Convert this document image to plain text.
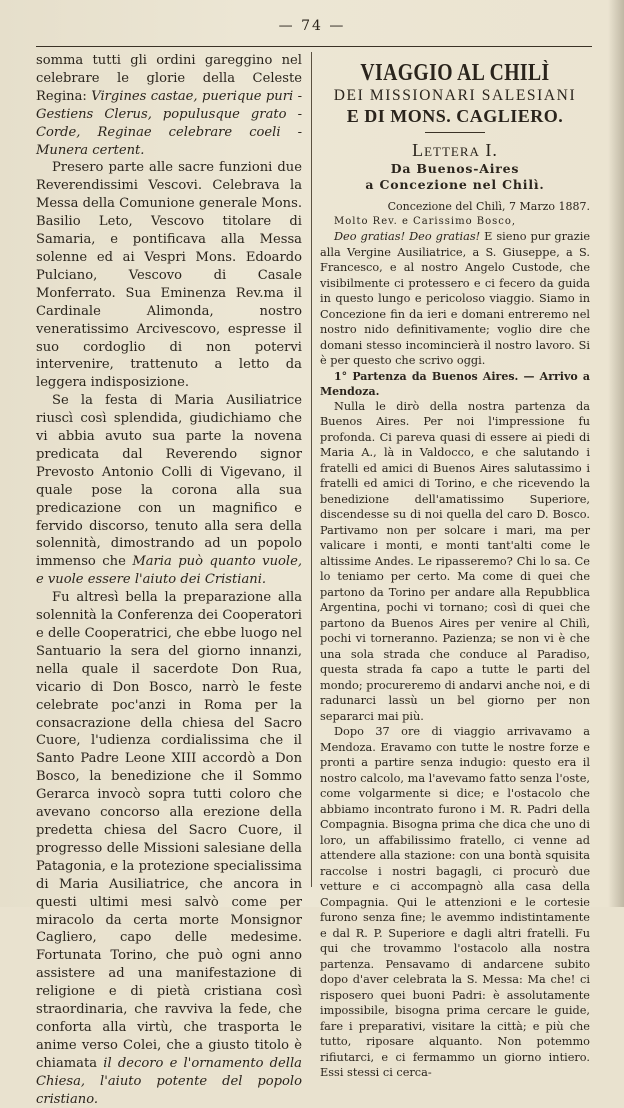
— 74 —

somma tutti gli ordini gareggino nel celebrare le glorie della Celeste Regina: Virgines castae, puerique puri - Gestiens Clerus, populusque grato - Corde, Reginae celebrare coeli - Munera certent.

Presero parte alle sacre funzioni due Reverendissimi Vescovi. Celebrava la Messa della Comunione generale Mons. Basilio Leto, Vescovo titolare di Samaria, e pontificava alla Messa solenne ed ai Vespri Mons. Edoardo Pulciano, Vescovo di Casale Monferrato. Sua Eminenza Rev.ma il Cardinale Alimonda, nostro veneratissimo Arcivescovo, espresse il suo cordoglio di non potervi intervenire, trattenuto a letto da leggera indisposizione.

Se la festa di Maria Ausiliatrice riuscì così splendida, giudichiamo che vi abbia avuto sua parte la novena predicata dal Reverendo signor Prevosto Antonio Colli di Vigevano, il quale pose la corona alla sua predicazione con un magnifico e fervido discorso, tenuto alla sera della solennità, dimostrando ad un popolo immenso che Maria può quanto vuole, e vuole essere l'aiuto dei Cristiani.

Fu altresì bella la preparazione alla solennità la Conferenza dei Cooperatori e delle Cooperatrici, che ebbe luogo nel Santuario la sera del giorno innanzi, nella quale il sacerdote Don Rua, vicario di Don Bosco, narrò le feste celebrate poc'anzi in Roma per la consacrazione della chiesa del Sacro Cuore, l'udienza cordialissima che il Santo Padre Leone XIII accordò a Don Bosco, la benedizione che il Sommo Gerarca invocò sopra tutti coloro che avevano concorso alla erezione della predetta chiesa del Sacro Cuore, il progresso delle Missioni salesiane della Patagonia, e la protezione specialissima di Maria Ausiliatrice, che ancora in questi ultimi mesi salvò come per miracolo da certa morte Monsignor Cagliero, capo delle medesime. Fortunata Torino, che può ogni anno assistere ad una manifestazione di religione e di pietà cristiana così straordinaria, che ravviva la fede, che conforta alla virtù, che trasporta le anime verso Colei, che a giusto titolo è chiamata il decoro e l'ornamento della Chiesa, l'aiuto potente del popolo cristiano.

VIAGGIO AL CHILÌ
DEI MISSIONARI SALESIANI
E DI MONS. CAGLIERO.
Lettera I.
Da Buenos-Aires
a Concezione nel Chilì.
Concezione del Chilì, 7 Marzo 1887.
Molto Rev. e Carissimo Bosco,

Deo gratias! Deo gratias! E sieno pur grazie alla Vergine Ausiliatrice, a S. Giuseppe, a S. Francesco, e al nostro Angelo Custode, che visibilmente ci protessero e ci fecero da guida in questo lungo e pericoloso viaggio. Siamo in Concezione fin da ieri e domani entreremo nel nostro nido definitivamente; voglio dire che domani stesso incomincierà il nostro lavoro. Si è per questo che scrivo oggi.

1° Partenza da Buenos Aires. — Arrivo a Mendoza.

Nulla le dirò della nostra partenza da Buenos Aires. Per noi l'impressione fu profonda. Ci pareva quasi di essere ai piedi di Maria A., là in Valdocco, e che salutando i fratelli ed amici di Buenos Aires salutassimo i fratelli ed amici di Torino, e che ricevendo la benedizione dell'amatissimo Superiore, discendesse su di noi quella del caro D. Bosco. Partivamo non per solcare i mari, ma per valicare i monti, e monti tant'alti come le altissime Andes. Le ripasseremo? Chi lo sa. Ce lo teniamo per certo. Ma come di quei che partono da Torino per andare alla Repubblica Argentina, pochi vi tornano; così di quei che partono da Buenos Aires per venire al Chilì, pochi vi torneranno. Pazienza; se non vi è che una sola strada che conduce al Paradiso, questa strada fa capo a tutte le parti del mondo; procureremo di andarvi anche noi, e di radunarci lassù un bel giorno per non separarci mai più.

Dopo 37 ore di viaggio arrivavamo a Mendoza. Eravamo con tutte le nostre forze e pronti a partire senza indugio: questo era il nostro calcolo, ma l'avevamo fatto senza l'oste, come volgarmente si dice; e l'ostacolo che abbiamo incontrato furono i M. R. Padri della Compagnia. Bisogna prima che dica che uno di loro, un affabilissimo fratello, ci venne ad attendere alla stazione: con una bontà squisita raccolse i nostri bagagli, ci procurò due vetture e ci accompagnò alla casa della Compagnia. Qui le attenzioni e le cortesie furono senza fine; le avemmo indistintamente e dal R. P. Superiore e dagli altri fratelli. Fu qui che trovammo l'ostacolo alla nostra partenza. Pensavamo di andarcene subito dopo d'aver celebrata la S. Messa: Ma che! ci risposero quei buoni Padri: è assolutamente impossibile, bisogna prima cercare le guide, fare i preparativi, visitare la città; e più che tutto, riposare alquanto. Non potemmo rifiutarci, e ci fermammo un giorno intiero. Essi stessi ci cerca-
